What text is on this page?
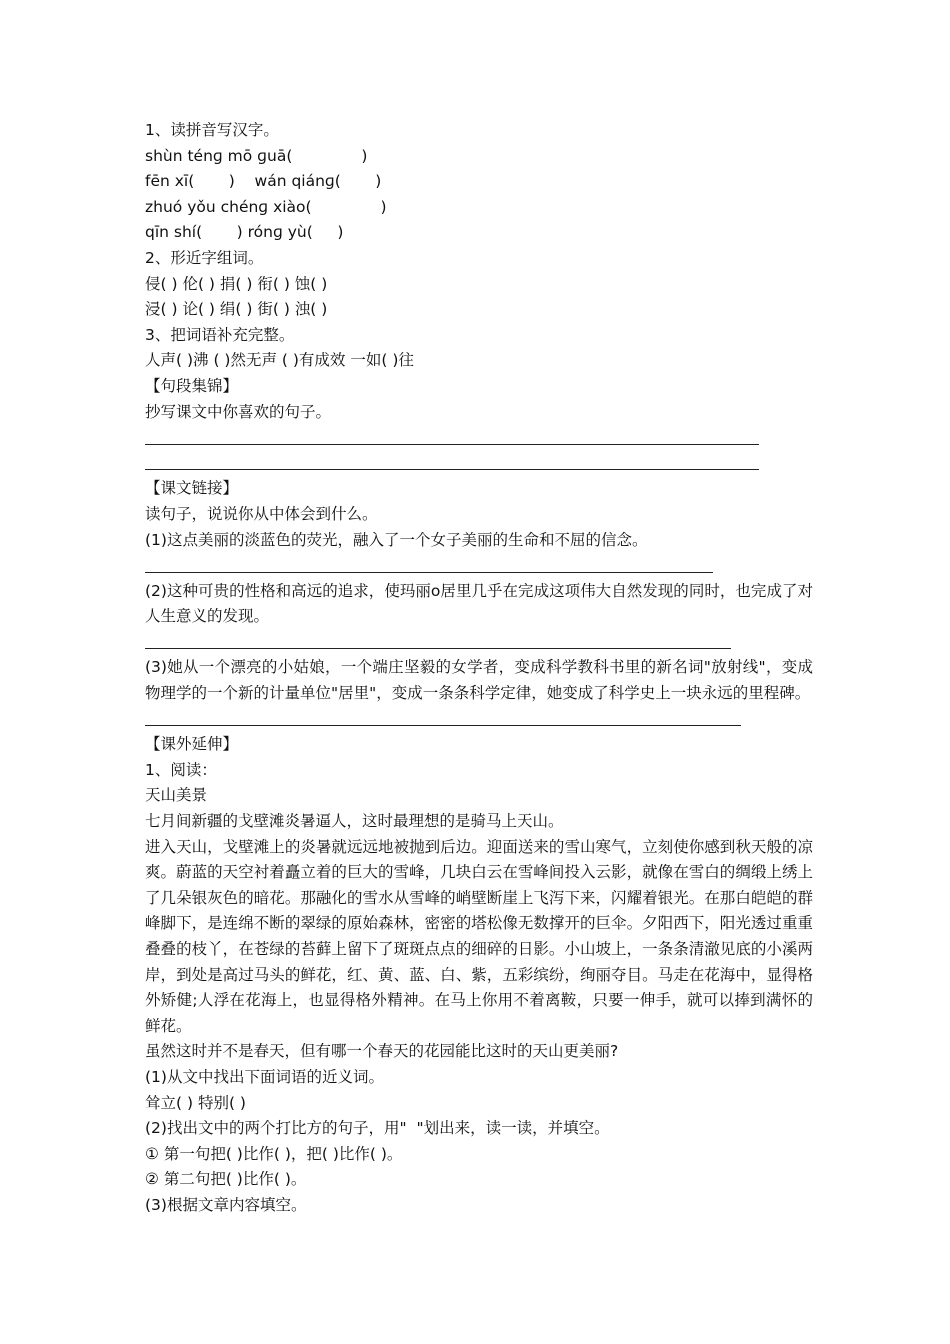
1、读拼音写汉字。
shùn ténɡ mō ɡuā(              )
fēn xī(       )    wán qiánɡ(       )
zhuó yǒu chénɡ xiào(              )
qīn shí(       ) rónɡ yù(     )
2、形近字组词。
侵( ) 伦( ) 捐( ) 衔( ) 蚀( )
浸( ) 论( ) 绢( ) 街( ) 浊( )
3、把词语补充完整。
人声( )沸 ( )然无声 ( )有成效 一如( )往
【句段集锦】
抄写课文中你喜欢的句子。
【课文链接】
读句子，说说你从中体会到什么。
(1)这点美丽的淡蓝色的荧光，融入了一个女子美丽的生命和不屈的信念。
(2)这种可贵的性格和高远的追求，使玛丽ο居里几乎在完成这项伟大自然发现的同时，也完成了对人生意义的发现。
(3)她从一个漂亮的小姑娘，一个端庄坚毅的女学者，变成科学教科书里的新名词"放射线"，变成物理学的一个新的计量单位"居里"，变成一条条科学定律，她变成了科学史上一块永远的里程碑。
【课外延伸】
1、阅读：
天山美景
七月间新疆的戈壁滩炎暑逼人，这时最理想的是骑马上天山。
进入天山，戈壁滩上的炎暑就远远地被抛到后边。迎面送来的雪山寒气，立刻使你感到秋天般的凉爽。蔚蓝的天空衬着矗立着的巨大的雪峰，几块白云在雪峰间投入云影，就像在雪白的绸缎上绣上了几朵银灰色的暗花。那融化的雪水从雪峰的峭壁断崖上飞泻下来，闪耀着银光。在那白皑皑的群峰脚下，是连绵不断的翠绿的原始森林，密密的塔松像无数撑开的巨伞。夕阳西下，阳光透过重重叠叠的枝丫，在苍绿的苔藓上留下了斑斑点点的细碎的日影。小山坡上，一条条清澈见底的小溪两岸，到处是高过马头的鲜花，红、黄、蓝、白、紫，五彩缤纷，绚丽夺目。马走在花海中，显得格外矫健;人浮在花海上，也显得格外精神。在马上你用不着离鞍，只要一伸手，就可以捧到满怀的鲜花。
虽然这时并不是春天，但有哪一个春天的花园能比这时的天山更美丽?
(1)从文中找出下面词语的近义词。
耸立( ) 特别( )
(2)找出文中的两个打比方的句子，用"  "划出来，读一读，并填空。
① 第一句把( )比作( )，把( )比作( )。
② 第二句把( )比作( )。
(3)根据文章内容填空。
